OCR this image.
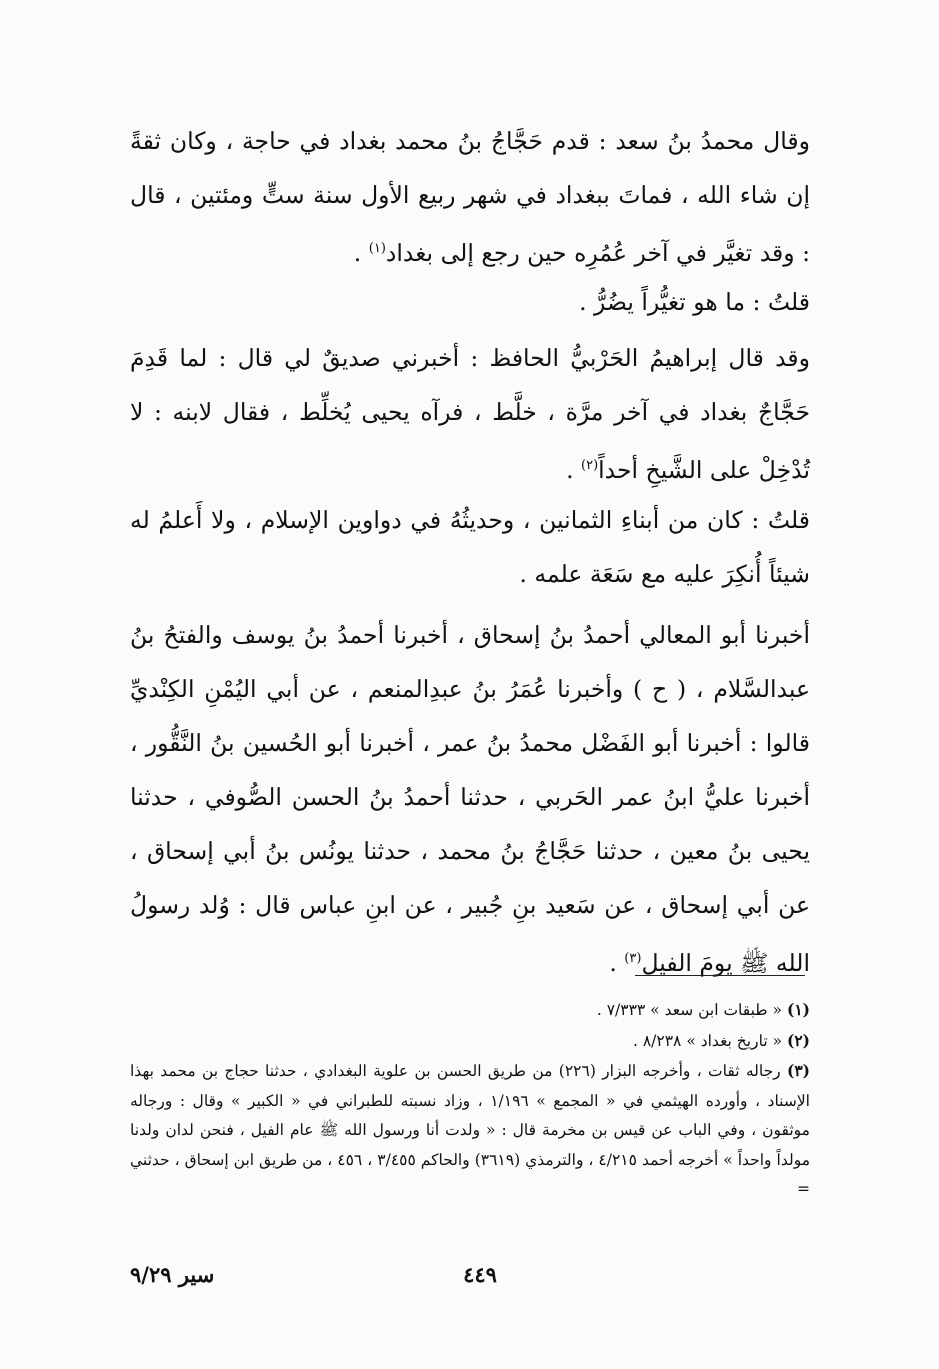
وقال محمدُ بنُ سعد : قدم حَجَّاجُ بنُ محمد بغداد في حاجة ، وكان ثقةً إن شاء الله ، فماتَ ببغداد في شهر ربيع الأول سنة ستٍّ ومئتين ، قال : وقد تغيَّر في آخر عُمُرِه حين رجع إلى بغداد$^{(١)}$ .

قلتُ : ما هو تغيُّراً يضُرُّ .

وقد قال إبراهيمُ الحَرْبيُّ الحافظ : أخبرني صديقٌ لي قال : لما قَدِمَ حَجَّاجٌ بغداد في آخر مرَّة ، خلَّط ، فرآه يحيى يُخلِّط ، فقال لابنه : لا تُدْخِلْ على الشَّيخِ أحداً$^{(٢)}$ .

قلتُ : كان من أبناءِ الثمانين ، وحديثُهُ في دواوين الإسلام ، ولا أَعلمُ له شيئاً أُنكِرَ عليه مع سَعَة علمه .

أخبرنا أبو المعالي أحمدُ بنُ إسحاق ، أخبرنا أحمدُ بنُ يوسف والفتحُ بنُ عبدالسَّلام ، ( ح ) وأخبرنا عُمَرُ بنُ عبدِالمنعم ، عن أبي اليُمْنِ الكِنْديِّ قالوا : أخبرنا أبو الفَضْل محمدُ بنُ عمر ، أخبرنا أبو الحُسين بنُ النَّقُّور ، أخبرنا عليُّ ابنُ عمر الحَربي ، حدثنا أحمدُ بنُ الحسن الصُّوفي ، حدثنا يحيى بنُ معين ، حدثنا حَجَّاجُ بنُ محمد ، حدثنا يونُس بنُ أبي إسحاق ، عن أبي إسحاق ، عن سَعيد بنِ جُبير ، عن ابنِ عباس قال : وُلد رسولُ الله ﷺ يومَ الفيل$^{(٣)}$ .

(١) « طبقات ابن سعد » ٧/٣٣٣ .

(٢) « تاريخ بغداد » ٨/٢٣٨ .

(٣) رجاله ثقات ، وأخرجه البزار (٢٢٦) من طريق الحسن بن علوية البغدادي ، حدثنا حجاج بن محمد بهذا الإسناد ، وأورده الهيثمي في « المجمع » ١/١٩٦ ، وزاد نسبته للطبراني في « الكبير » وقال : ورجاله موثقون ، وفي الباب عن قيس بن مخرمة قال : « ولدت أنا ورسول الله ﷺ عام الفيل ، فنحن لدان ولدنا مولداً واحداً » أخرجه أحمد ٤/٢١٥ ، والترمذي (٣٦١٩) والحاكم ٣/٤٥٥ ، ٤٥٦ ، من طريق ابن إسحاق ، حدثني =

٤٤٩
سير ٩/٢٩
